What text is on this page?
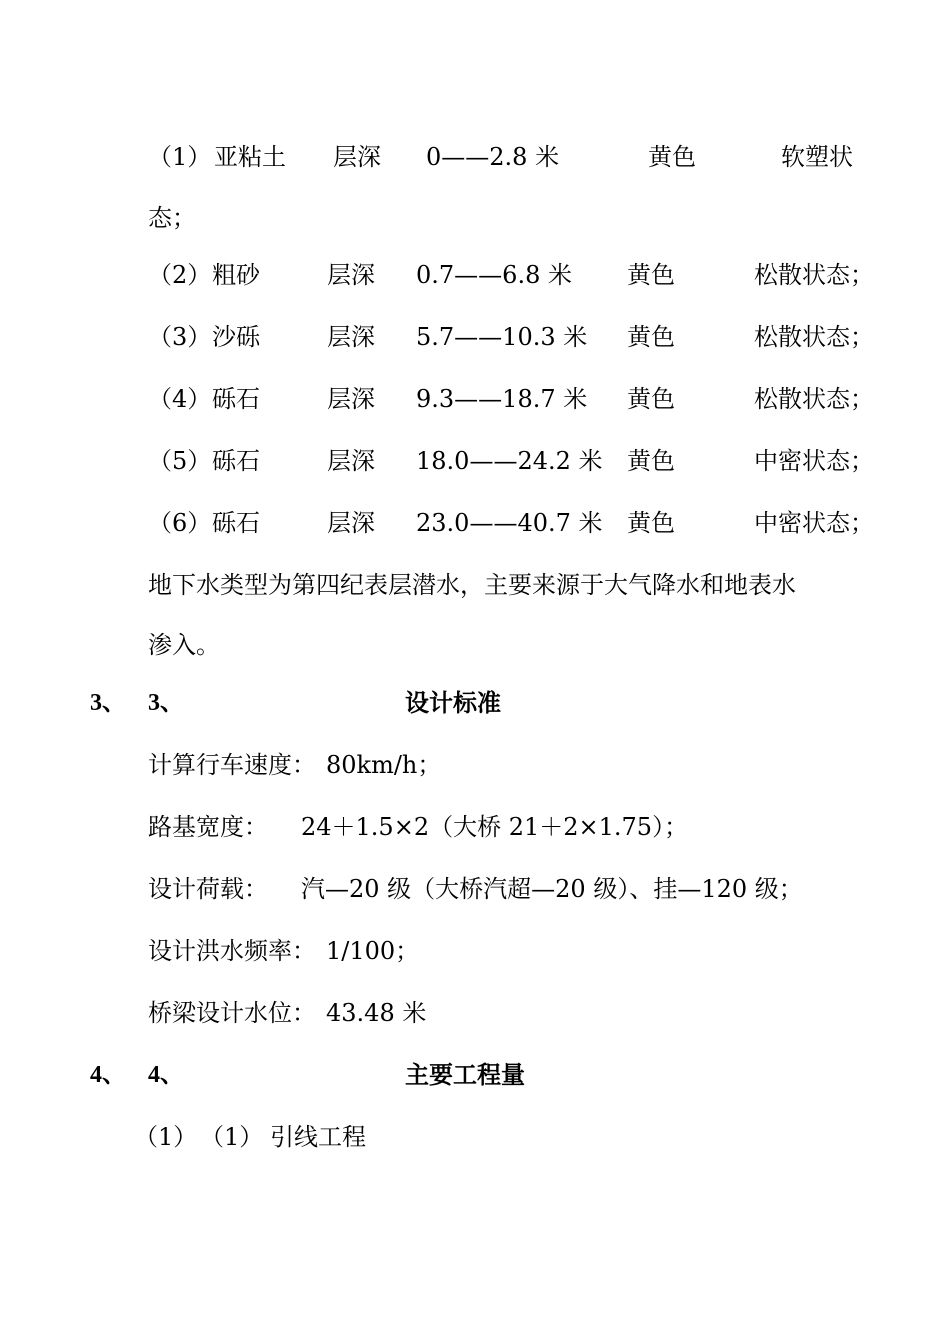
（1） 亚粘土 层深 0——2.8 米	黄色	软塑状
态；
（2） 粗砂	层深 0.7——6.8 米 黄色	松散状态；
（3） 沙砾	层深 5.7——10.3 米 黄色	松散状态；
（4） 砾石	层深 9.3——18.7 米 黄色	松散状态；
（5） 砾石	层深 18.0——24.2 米 黄色	中密状态；
（6） 砾石	层深 23.0——40.7 米 黄色	中密状态；
地下水类型为第四纪表层潜水，主要来源于大气降水和地表水
渗入。
3、 3、	设计标准
计算行车速度： 80km/h；
路基宽度： 24＋1.5×2（大桥 21＋2×1.75）；
设计荷载： 汽—20 级（大桥汽超—20 级）、挂—120 级；
设计洪水频率： 1/100；
桥梁设计水位： 43.48 米
4、 4、	主要工程量
（1） （1） 引线工程
